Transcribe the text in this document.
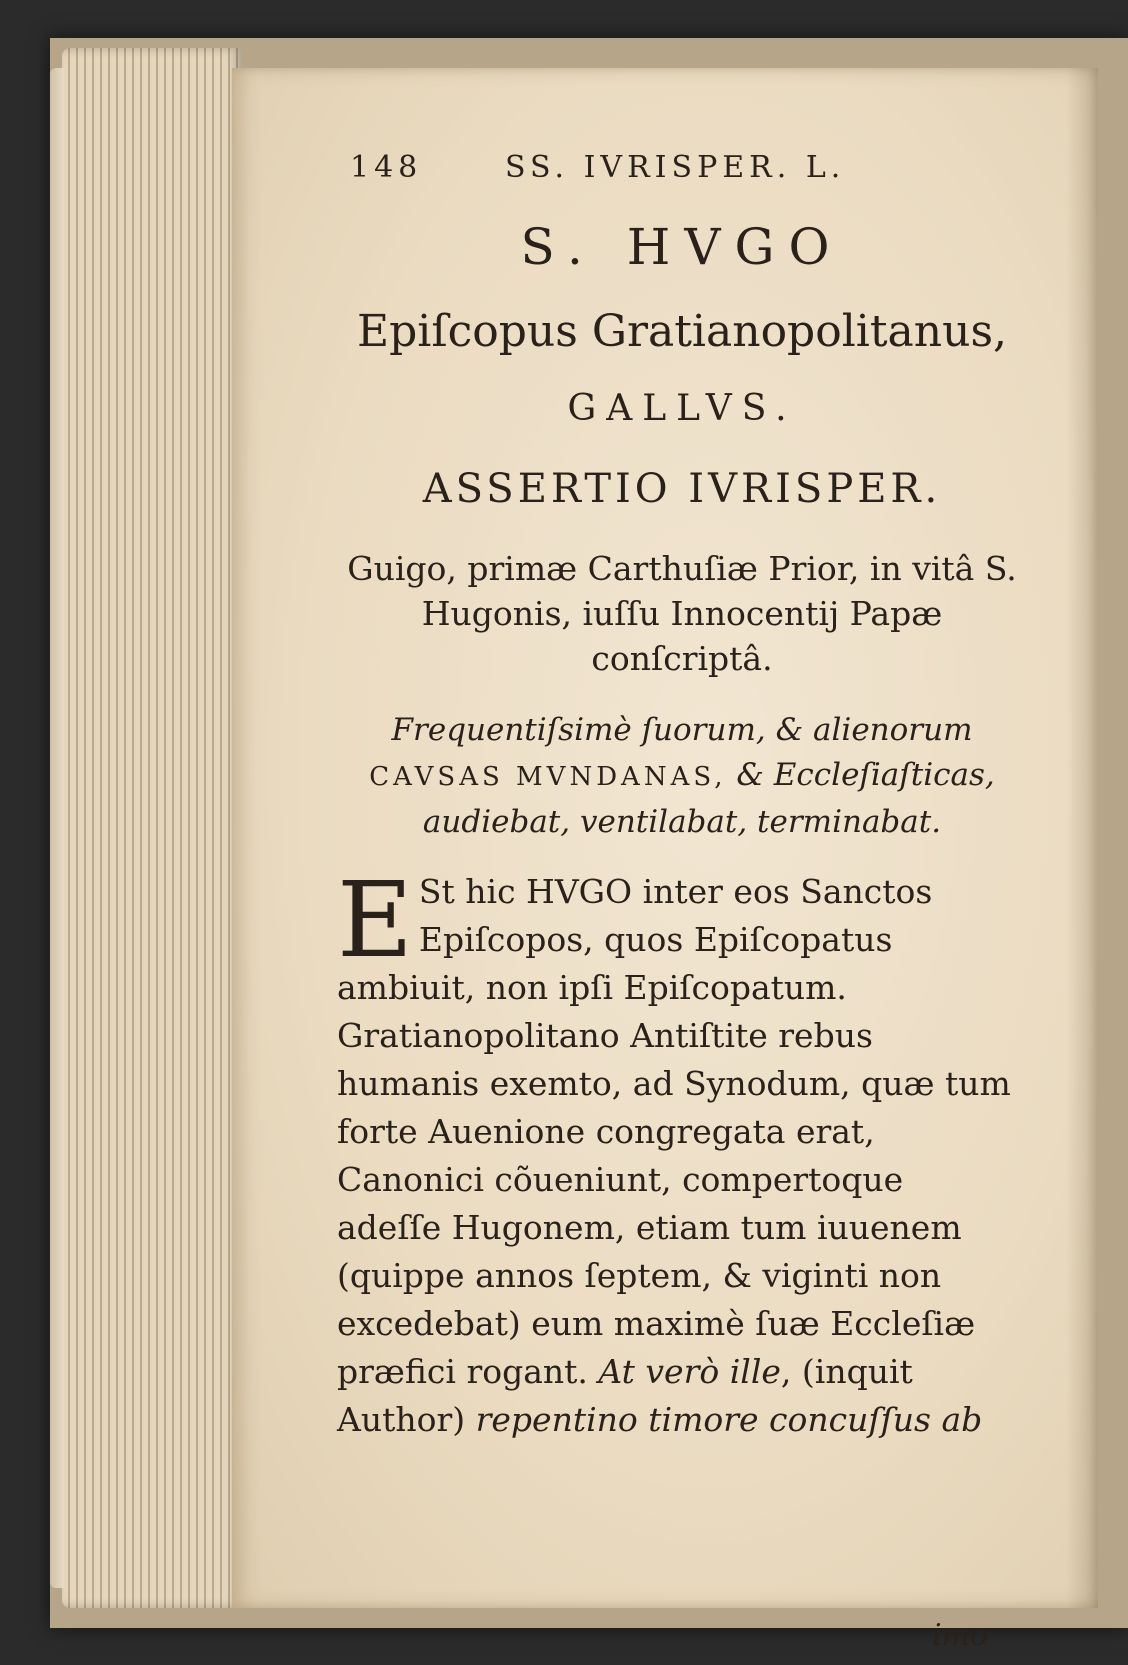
148	SS. IVRISPER. L.
S. HVGO
Epiſcopus Gratianopolitanus,
GALLVS.
ASSERTIO IVRISPER.
Guigo, primæ Carthuſiæ Prior, in vitâ S. Hugonis, iuſſu Innocentij Papæ conſcriptâ.
Frequentiſsimè ſuorum, & alienorum CAVSAS MVNDANAS, & Eccleſiaſticas, audiebat, ventilabat, terminabat.

E St hic HVGO inter eos Sanctos Epiſcopos, quos Epiſcopatus ambiuit, non ipſi Epiſcopatum. Gratianopolitano Antiſtite rebus humanis exemto, ad Synodum, quæ tum forte Auenione congregata erat, Canonici cõueniunt, compertoque adeſſe Hugonem, etiam tum iuuenem (quippe annos ſeptem, & viginti non excedebat) eum maximè ſuæ Eccleſiæ præfici rogant. At verò ille, (inquit Author) repentino timore concuſſus ab

imo
